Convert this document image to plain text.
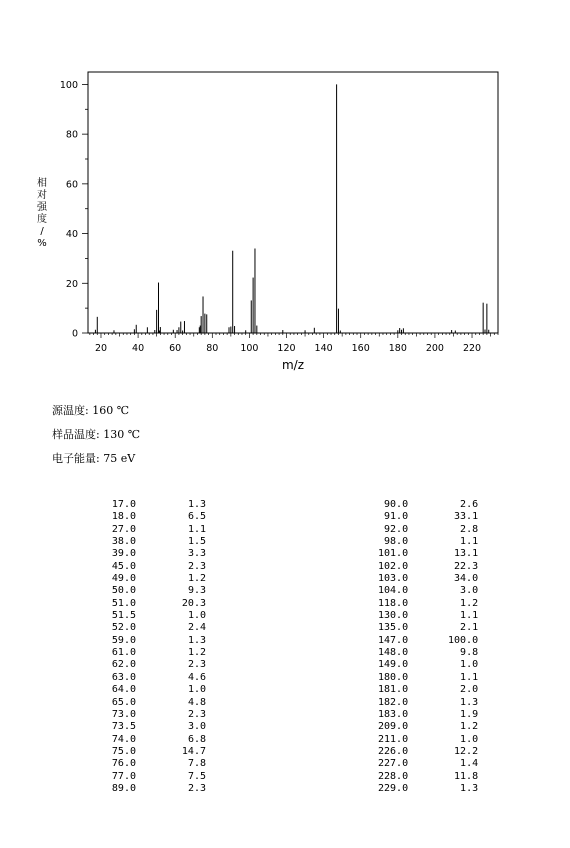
20	40	60	80 100 120 140 160 180 200 220
0
20
40
60
80
100
m/z
相对强度/ %
源温度: 160 ℃
样品温度: 130 ℃
电子能量: 75 eV
17.0	1.3
18.0	6.5
27.0	1.1
38.0	1.5
39.0	3.3
45.0	2.3
49.0	1.2
50.0	9.3
51.0	20.3
51.5	1.0
52.0	2.4
59.0	1.3
61.0	1.2
62.0	2.3
63.0	4.6
64.0	1.0
65.0	4.8
73.0	2.3
73.5	3.0
74.0	6.8
75.0	14.7
76.0	7.8
77.0	7.5
89.0	2.3
90.0	2.6
91.0	33.1
92.0	2.8
98.0	1.1
101.0	13.1
102.0	22.3
103.0	34.0
104.0	3.0
118.0	1.2
130.0	1.1
135.0	2.1
147.0	100.0
148.0	9.8
149.0	1.0
180.0	1.1
181.0	2.0
182.0	1.3
183.0	1.9
209.0	1.2
211.0	1.0
226.0	12.2
227.0	1.4
228.0	11.8
229.0	1.3
